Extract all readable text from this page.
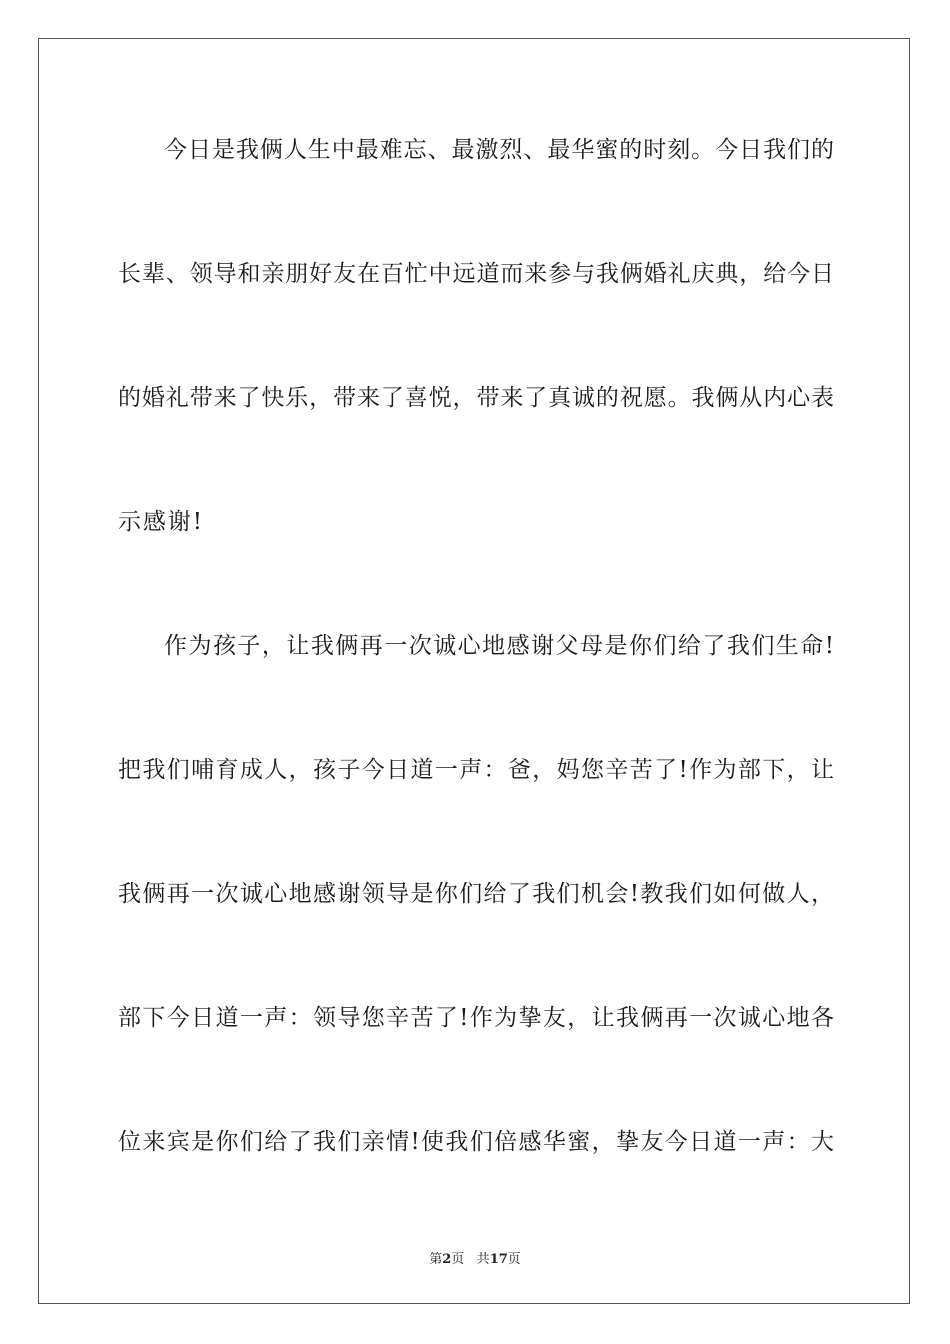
今日是我俩人生中最难忘、最激烈、最华蜜的时刻。今日我们的
长辈、领导和亲朋好友在百忙中远道而来参与我俩婚礼庆典，给今日
的婚礼带来了快乐，带来了喜悦，带来了真诚的祝愿。我俩从内心表
示感谢!
作为孩子，让我俩再一次诚心地感谢父母是你们给了我们生命!
把我们哺育成人，孩子今日道一声：爸，妈您辛苦了!作为部下，让
我俩再一次诚心地感谢领导是你们给了我们机会!教我们如何做人，
部下今日道一声：领导您辛苦了!作为挚友，让我俩再一次诚心地各
位来宾是你们给了我们亲情!使我们倍感华蜜，挚友今日道一声：大
第2页 共17页
